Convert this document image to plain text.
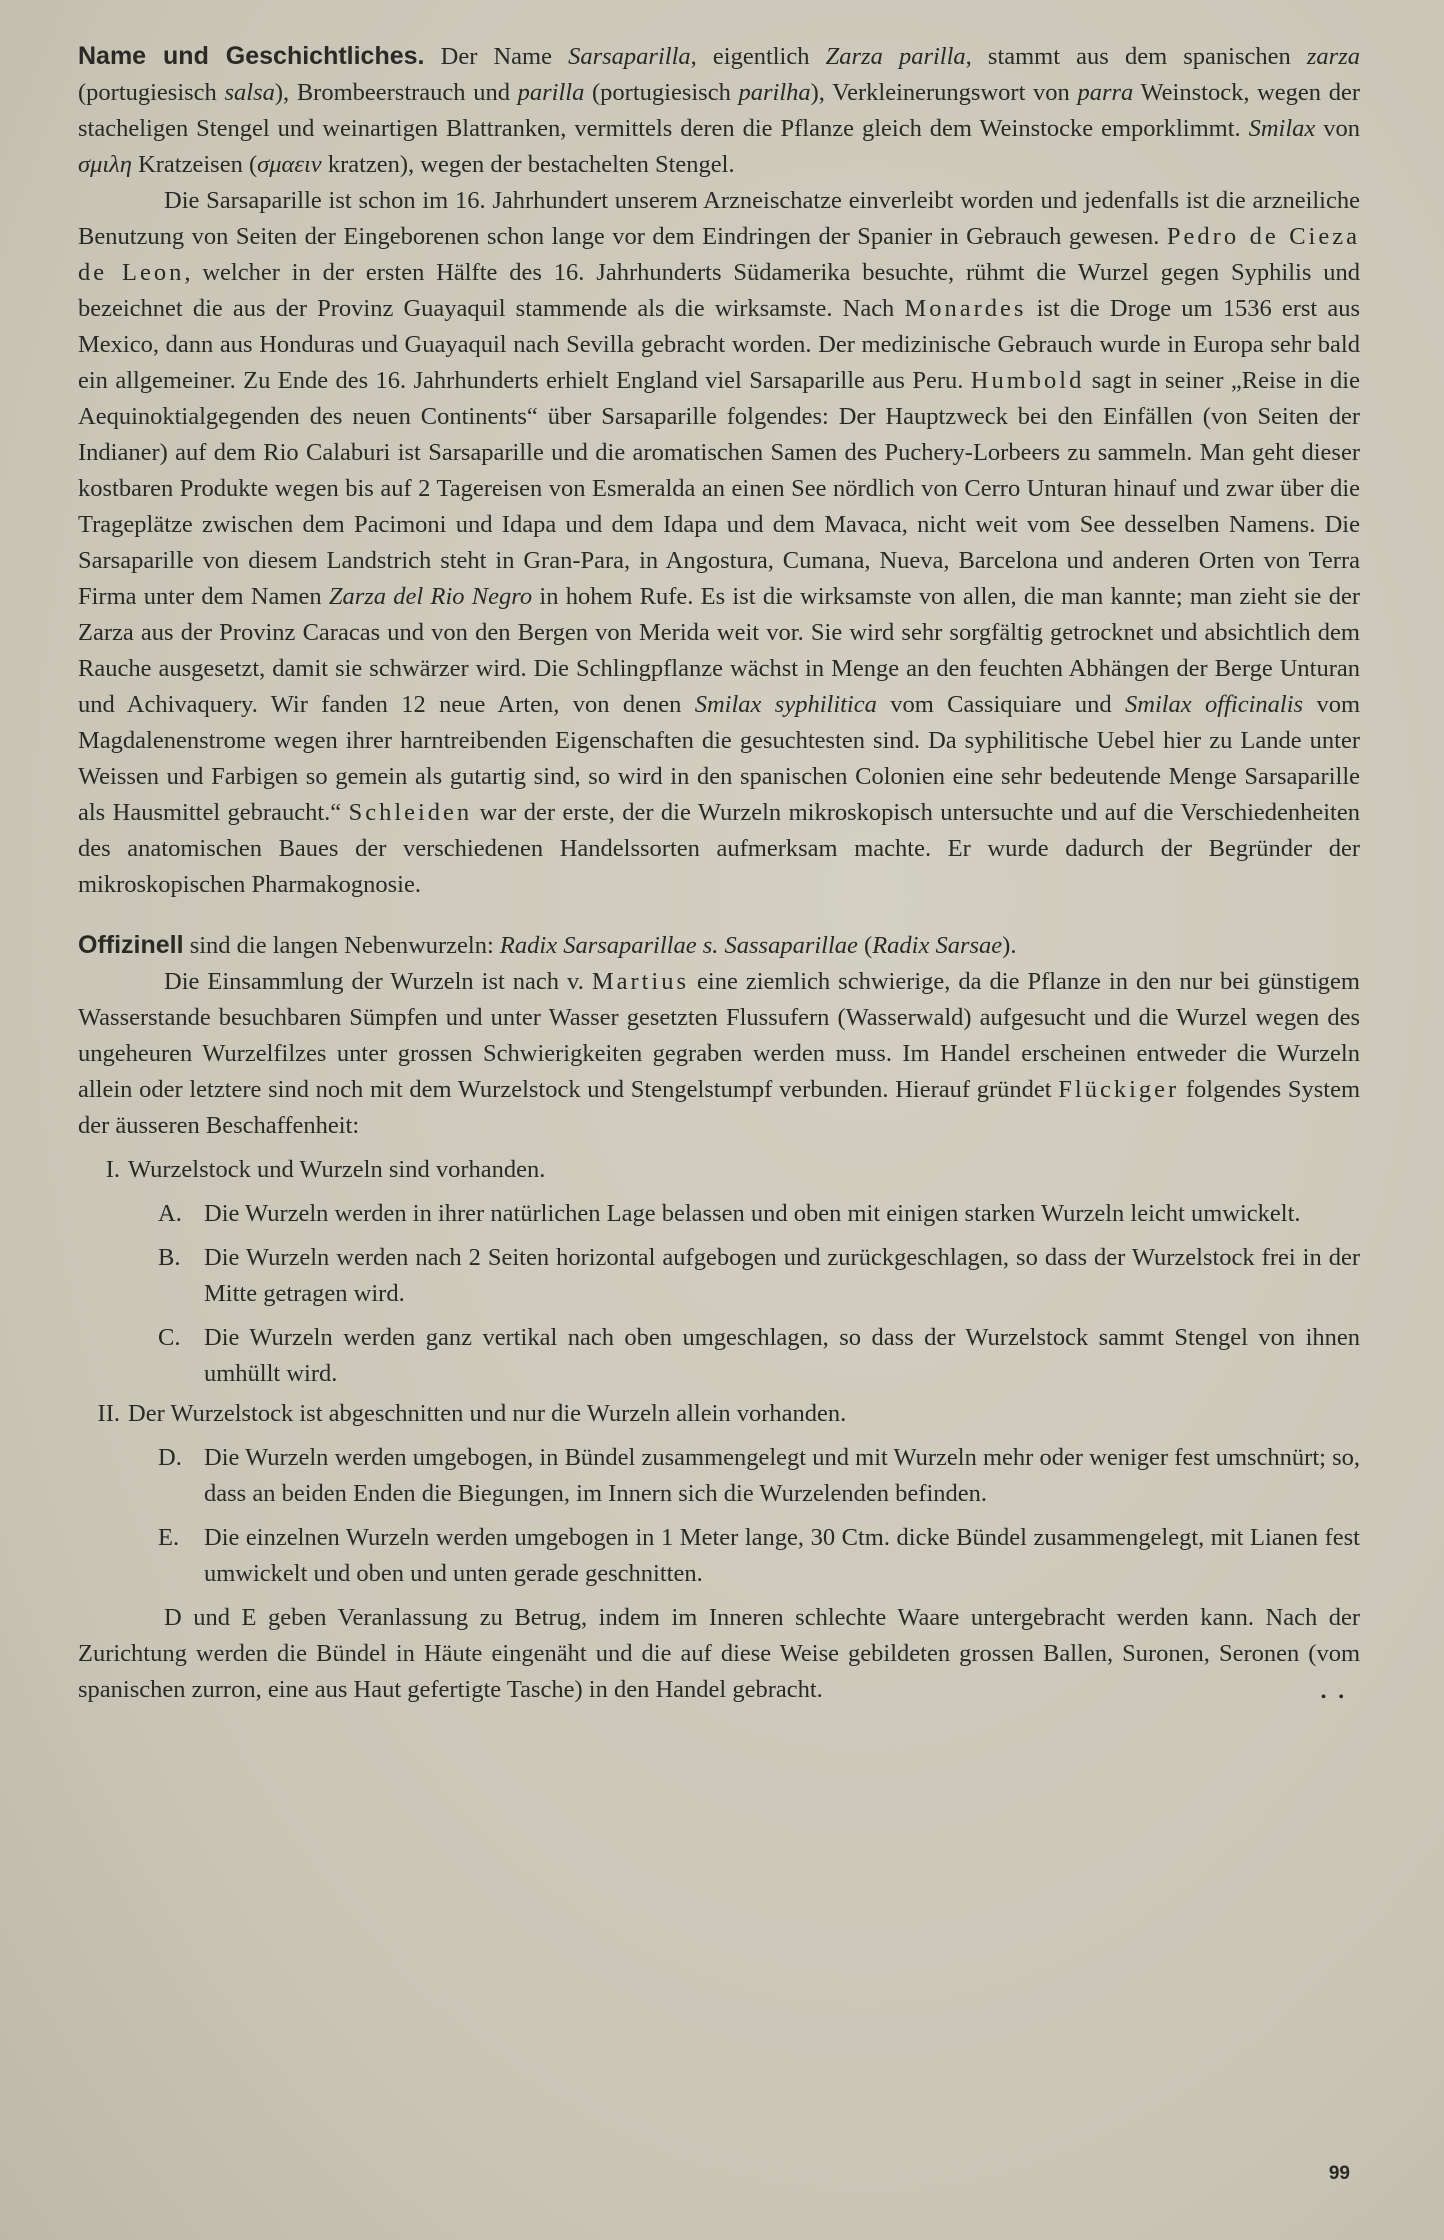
Name und Geschichtliches. Der Name Sarsaparilla, eigentlich Zarza parilla, stammt aus dem spanischen zarza (portugiesisch salsa), Brombeerstrauch und parilla (portugiesisch parilha), Verkleinerungswort von parra Weinstock, wegen der stacheligen Stengel und weinartigen Blattranken, vermittels deren die Pflanze gleich dem Weinstocke emporklimmt. Smilax von σμιλη Kratzeisen (σμαειν kratzen), wegen der bestachelten Stengel.

Die Sarsaparille ist schon im 16. Jahrhundert unserem Arzneischatze einverleibt worden und jedenfalls ist die arzneiliche Benutzung von Seiten der Eingeborenen schon lange vor dem Eindringen der Spanier in Gebrauch gewesen. Pedro de Cieza de Leon, welcher in der ersten Hälfte des 16. Jahrhunderts Südamerika besuchte, rühmt die Wurzel gegen Syphilis und bezeichnet die aus der Provinz Guayaquil stammende als die wirksamste. Nach Monardes ist die Droge um 1536 erst aus Mexico, dann aus Honduras und Guayaquil nach Sevilla gebracht worden. Der medizinische Gebrauch wurde in Europa sehr bald ein allgemeiner. Zu Ende des 16. Jahrhunderts erhielt England viel Sarsaparille aus Peru. Humbold sagt in seiner „Reise in die Aequinoktialgegenden des neuen Continents“ über Sarsaparille folgendes: Der Hauptzweck bei den Einfällen (von Seiten der Indianer) auf dem Rio Calaburi ist Sarsaparille und die aromatischen Samen des Puchery-Lorbeers zu sammeln. Man geht dieser kostbaren Produkte wegen bis auf 2 Tagereisen von Esmeralda an einen See nördlich von Cerro Unturan hinauf und zwar über die Trageplätze zwischen dem Pacimoni und Idapa und dem Idapa und dem Mavaca, nicht weit vom See desselben Namens. Die Sarsaparille von diesem Landstrich steht in Gran-Para, in Angostura, Cumana, Nueva, Barcelona und anderen Orten von Terra Firma unter dem Namen Zarza del Rio Negro in hohem Rufe. Es ist die wirksamste von allen, die man kannte; man zieht sie der Zarza aus der Provinz Caracas und von den Bergen von Merida weit vor. Sie wird sehr sorgfältig getrocknet und absichtlich dem Rauche ausgesetzt, damit sie schwärzer wird. Die Schlingpflanze wächst in Menge an den feuchten Abhängen der Berge Unturan und Achivaquery. Wir fanden 12 neue Arten, von denen Smilax syphilitica vom Cassiquiare und Smilax officinalis vom Magdalenenstrome wegen ihrer harntreibenden Eigenschaften die gesuchtesten sind. Da syphilitische Uebel hier zu Lande unter Weissen und Farbigen so gemein als gutartig sind, so wird in den spanischen Colonien eine sehr bedeutende Menge Sarsaparille als Hausmittel gebraucht.“ Schleiden war der erste, der die Wurzeln mikroskopisch untersuchte und auf die Verschiedenheiten des anatomischen Baues der verschiedenen Handelssorten aufmerksam machte. Er wurde dadurch der Begründer der mikroskopischen Pharmakognosie.

Offizinell sind die langen Nebenwurzeln: Radix Sarsaparillae s. Sassaparillae (Radix Sarsae).

Die Einsammlung der Wurzeln ist nach v. Martius eine ziemlich schwierige, da die Pflanze in den nur bei günstigem Wasserstande besuchbaren Sümpfen und unter Wasser gesetzten Flussufern (Wasserwald) aufgesucht und die Wurzel wegen des ungeheuren Wurzelfilzes unter grossen Schwierigkeiten gegraben werden muss. Im Handel erscheinen entweder die Wurzeln allein oder letztere sind noch mit dem Wurzelstock und Stengelstumpf verbunden. Hierauf gründet Flückiger folgendes System der äusseren Beschaffenheit:

I. Wurzelstock und Wurzeln sind vorhanden.
A. Die Wurzeln werden in ihrer natürlichen Lage belassen und oben mit einigen starken Wurzeln leicht umwickelt.
B. Die Wurzeln werden nach 2 Seiten horizontal aufgebogen und zurückgeschlagen, so dass der Wurzelstock frei in der Mitte getragen wird.
C. Die Wurzeln werden ganz vertikal nach oben umgeschlagen, so dass der Wurzelstock sammt Stengel von ihnen umhüllt wird.
II. Der Wurzelstock ist abgeschnitten und nur die Wurzeln allein vorhanden.
D. Die Wurzeln werden umgebogen, in Bündel zusammengelegt und mit Wurzeln mehr oder weniger fest umschnürt; so, dass an beiden Enden die Biegungen, im Innern sich die Wurzelenden befinden.
E.	Die einzelnen Wurzeln werden umgebogen in 1 Meter lange, 30 Ctm. dicke Bündel zusammengelegt, mit Lianen fest umwickelt und oben und unten gerade geschnitten.

D und E geben Veranlassung zu Betrug, indem im Inneren schlechte Waare untergebracht werden kann. Nach der Zurichtung werden die Bündel in Häute eingenäht und die auf diese Weise gebildeten grossen Ballen, Suronen, Seronen (vom spanischen zurron, eine aus Haut gefertigte Tasche) in den Handel gebracht.	• •
99
